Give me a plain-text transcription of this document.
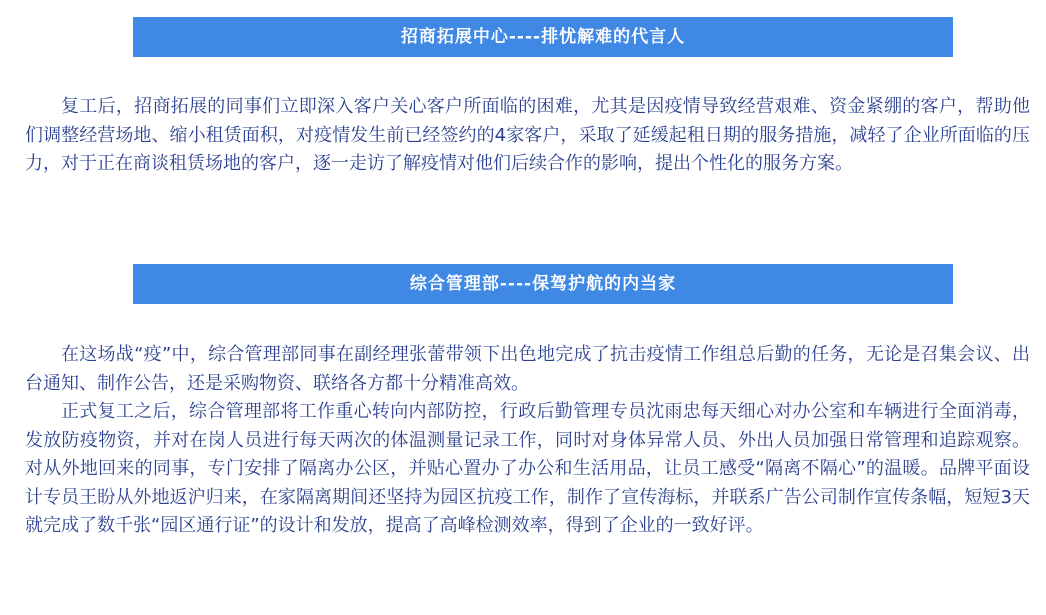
招商拓展中心----排忧解难的代言人

复工后，招商拓展的同事们立即深入客户关心客户所面临的困难，尤其是因疫情导致经营艰难、资金紧绷的客户，帮助他们调整经营场地、缩小租赁面积，对疫情发生前已经签约的4家客户，采取了延缓起租日期的服务措施，减轻了企业所面临的压力，对于正在商谈租赁场地的客户，逐一走访了解疫情对他们后续合作的影响，提出个性化的服务方案。

综合管理部----保驾护航的内当家

在这场战“疫”中，综合管理部同事在副经理张蕾带领下出色地完成了抗击疫情工作组总后勤的任务，无论是召集会议、出台通知、制作公告，还是采购物资、联络各方都十分精准高效。

正式复工之后，综合管理部将工作重心转向内部防控，行政后勤管理专员沈雨忠每天细心对办公室和车辆进行全面消毒，发放防疫物资，并对在岗人员进行每天两次的体温测量记录工作，同时对身体异常人员、外出人员加强日常管理和追踪观察。对从外地回来的同事，专门安排了隔离办公区，并贴心置办了办公和生活用品，让员工感受“隔离不隔心”的温暖。品牌平面设计专员王盼从外地返沪归来，在家隔离期间还坚持为园区抗疫工作，制作了宣传海标，并联系广告公司制作宣传条幅，短短3天就完成了数千张“园区通行证”的设计和发放，提高了高峰检测效率，得到了企业的一致好评。
